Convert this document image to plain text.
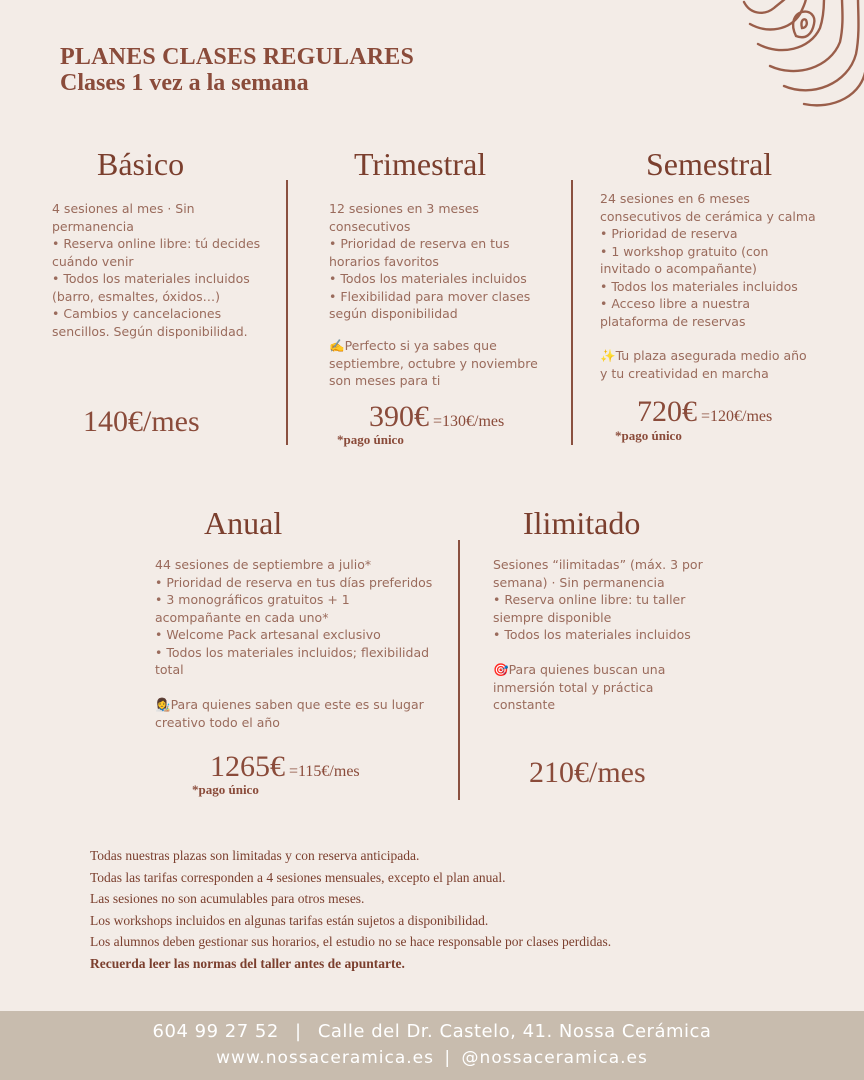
PLANES CLASES REGULARES
Clases 1 vez a la semana
Básico
4 sesiones al mes · Sin
permanencia
• Reserva online libre: tú decides
cuándo venir
• Todos los materiales incluidos
(barro, esmaltes, óxidos…)
• Cambios y cancelaciones
sencillos. Según disponibilidad.
140€/mes
Trimestral
12 sesiones en 3 meses
consecutivos
• Prioridad de reserva en tus
horarios favoritos
• Todos los materiales incluidos
• Flexibilidad para mover clases
según disponibilidad
✍️Perfecto si ya sabes que
septiembre, octubre y noviembre
son meses para ti
390€ =130€/mes
*pago único
Semestral
24 sesiones en 6 meses
consecutivos de cerámica y calma
• Prioridad de reserva
• 1 workshop gratuito (con
invitado o acompañante)
• Todos los materiales incluidos
• Acceso libre a nuestra
plataforma de reservas
✨Tu plaza asegurada medio año
y tu creatividad en marcha
720€ =120€/mes
*pago único
Anual
44 sesiones de septiembre a julio*
• Prioridad de reserva en tus días preferidos
• 3 monográficos gratuitos + 1
acompañante en cada uno*
• Welcome Pack artesanal exclusivo
• Todos los materiales incluidos; flexibilidad
total
👩‍🎨Para quienes saben que este es su lugar
creativo todo el año
1265€ =115€/mes
*pago único
Ilimitado
Sesiones “ilimitadas” (máx. 3 por
semana) · Sin permanencia
• Reserva online libre: tu taller
siempre disponible
• Todos los materiales incluidos
🎯Para quienes buscan una
inmersión total y práctica
constante
210€/mes
Todas nuestras plazas son limitadas y con reserva anticipada.
Todas las tarifas corresponden a 4 sesiones mensuales, excepto el plan anual.
Las sesiones no son acumulables para otros meses.
Los workshops incluidos en algunas tarifas están sujetos a disponibilidad.
Los alumnos deben gestionar sus horarios, el estudio no se hace responsable por clases perdidas.
Recuerda leer las normas del taller antes de apuntarte.
604 99 27 52 | Calle del Dr. Castelo, 41. Nossa Cerámica
www.nossaceramica.es | @nossaceramica.es
